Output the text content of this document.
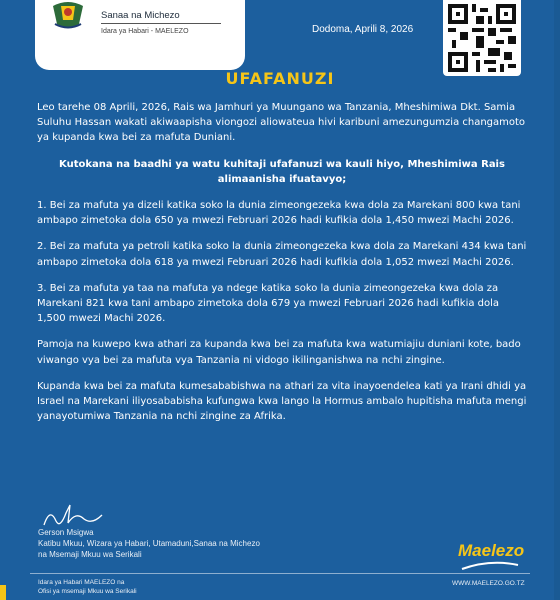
Sanaa na Michezo
Idara ya Habari - MAELEZO	Dodoma, Aprili 8, 2026
UFAFANUZI

Leo tarehe 08 Aprili, 2026, Rais wa Jamhuri ya Muungano wa Tanzania, Mheshimiwa Dkt. Samia Suluhu Hassan wakati akiwaapisha viongozi aliowateua hivi karibuni amezungumzia changamoto ya kupanda kwa bei za mafuta Duniani.

Kutokana na baadhi ya watu kuhitaji ufafanuzi wa kauli hiyo, Mheshimiwa Rais alimaanisha ifuatavyo;

1. Bei za mafuta ya dizeli katika soko la dunia zimeongezeka kwa dola za Marekani 800 kwa tani ambapo zimetoka dola 650 ya mwezi Februari 2026 hadi kufikia dola 1,450 mwezi Machi 2026.

2. Bei za mafuta ya petroli katika soko la dunia zimeongezeka kwa dola za Marekani 434 kwa tani ambapo zimetoka dola 618 ya mwezi Februari 2026 hadi kufikia dola 1,052 mwezi Machi 2026.

3. Bei za mafuta ya taa na mafuta ya ndege katika soko la dunia zimeongezeka kwa dola za Marekani 821 kwa tani ambapo zimetoka dola 679 ya mwezi Februari 2026 hadi kufikia dola 1,500 mwezi Machi 2026.

Pamoja na kuwepo kwa athari za kupanda kwa bei za mafuta kwa watumiajiu duniani kote, bado viwango vya bei za mafuta vya Tanzania ni vidogo ikilinganishwa na nchi zingine.

Kupanda kwa bei za mafuta kumesababishwa na athari za vita inayoendelea kati ya Irani dhidi ya Israel na Marekani iliyosababisha kufungwa kwa lango la Hormus ambalo hupitisha mafuta mengi yanayotumiwa Tanzania na nchi zingine za Afrika.

Gerson Msigwa
Katibu Mkuu, Wizara ya Habari, Utamaduni,Sanaa na Michezo
na Msemaji Mkuu wa Serikali	Maelezo
Idara ya Habari MAELEZO na
Ofisi ya msemaji Mkuu wa Serikali
WWW.MAELEZO.GO.TZ
